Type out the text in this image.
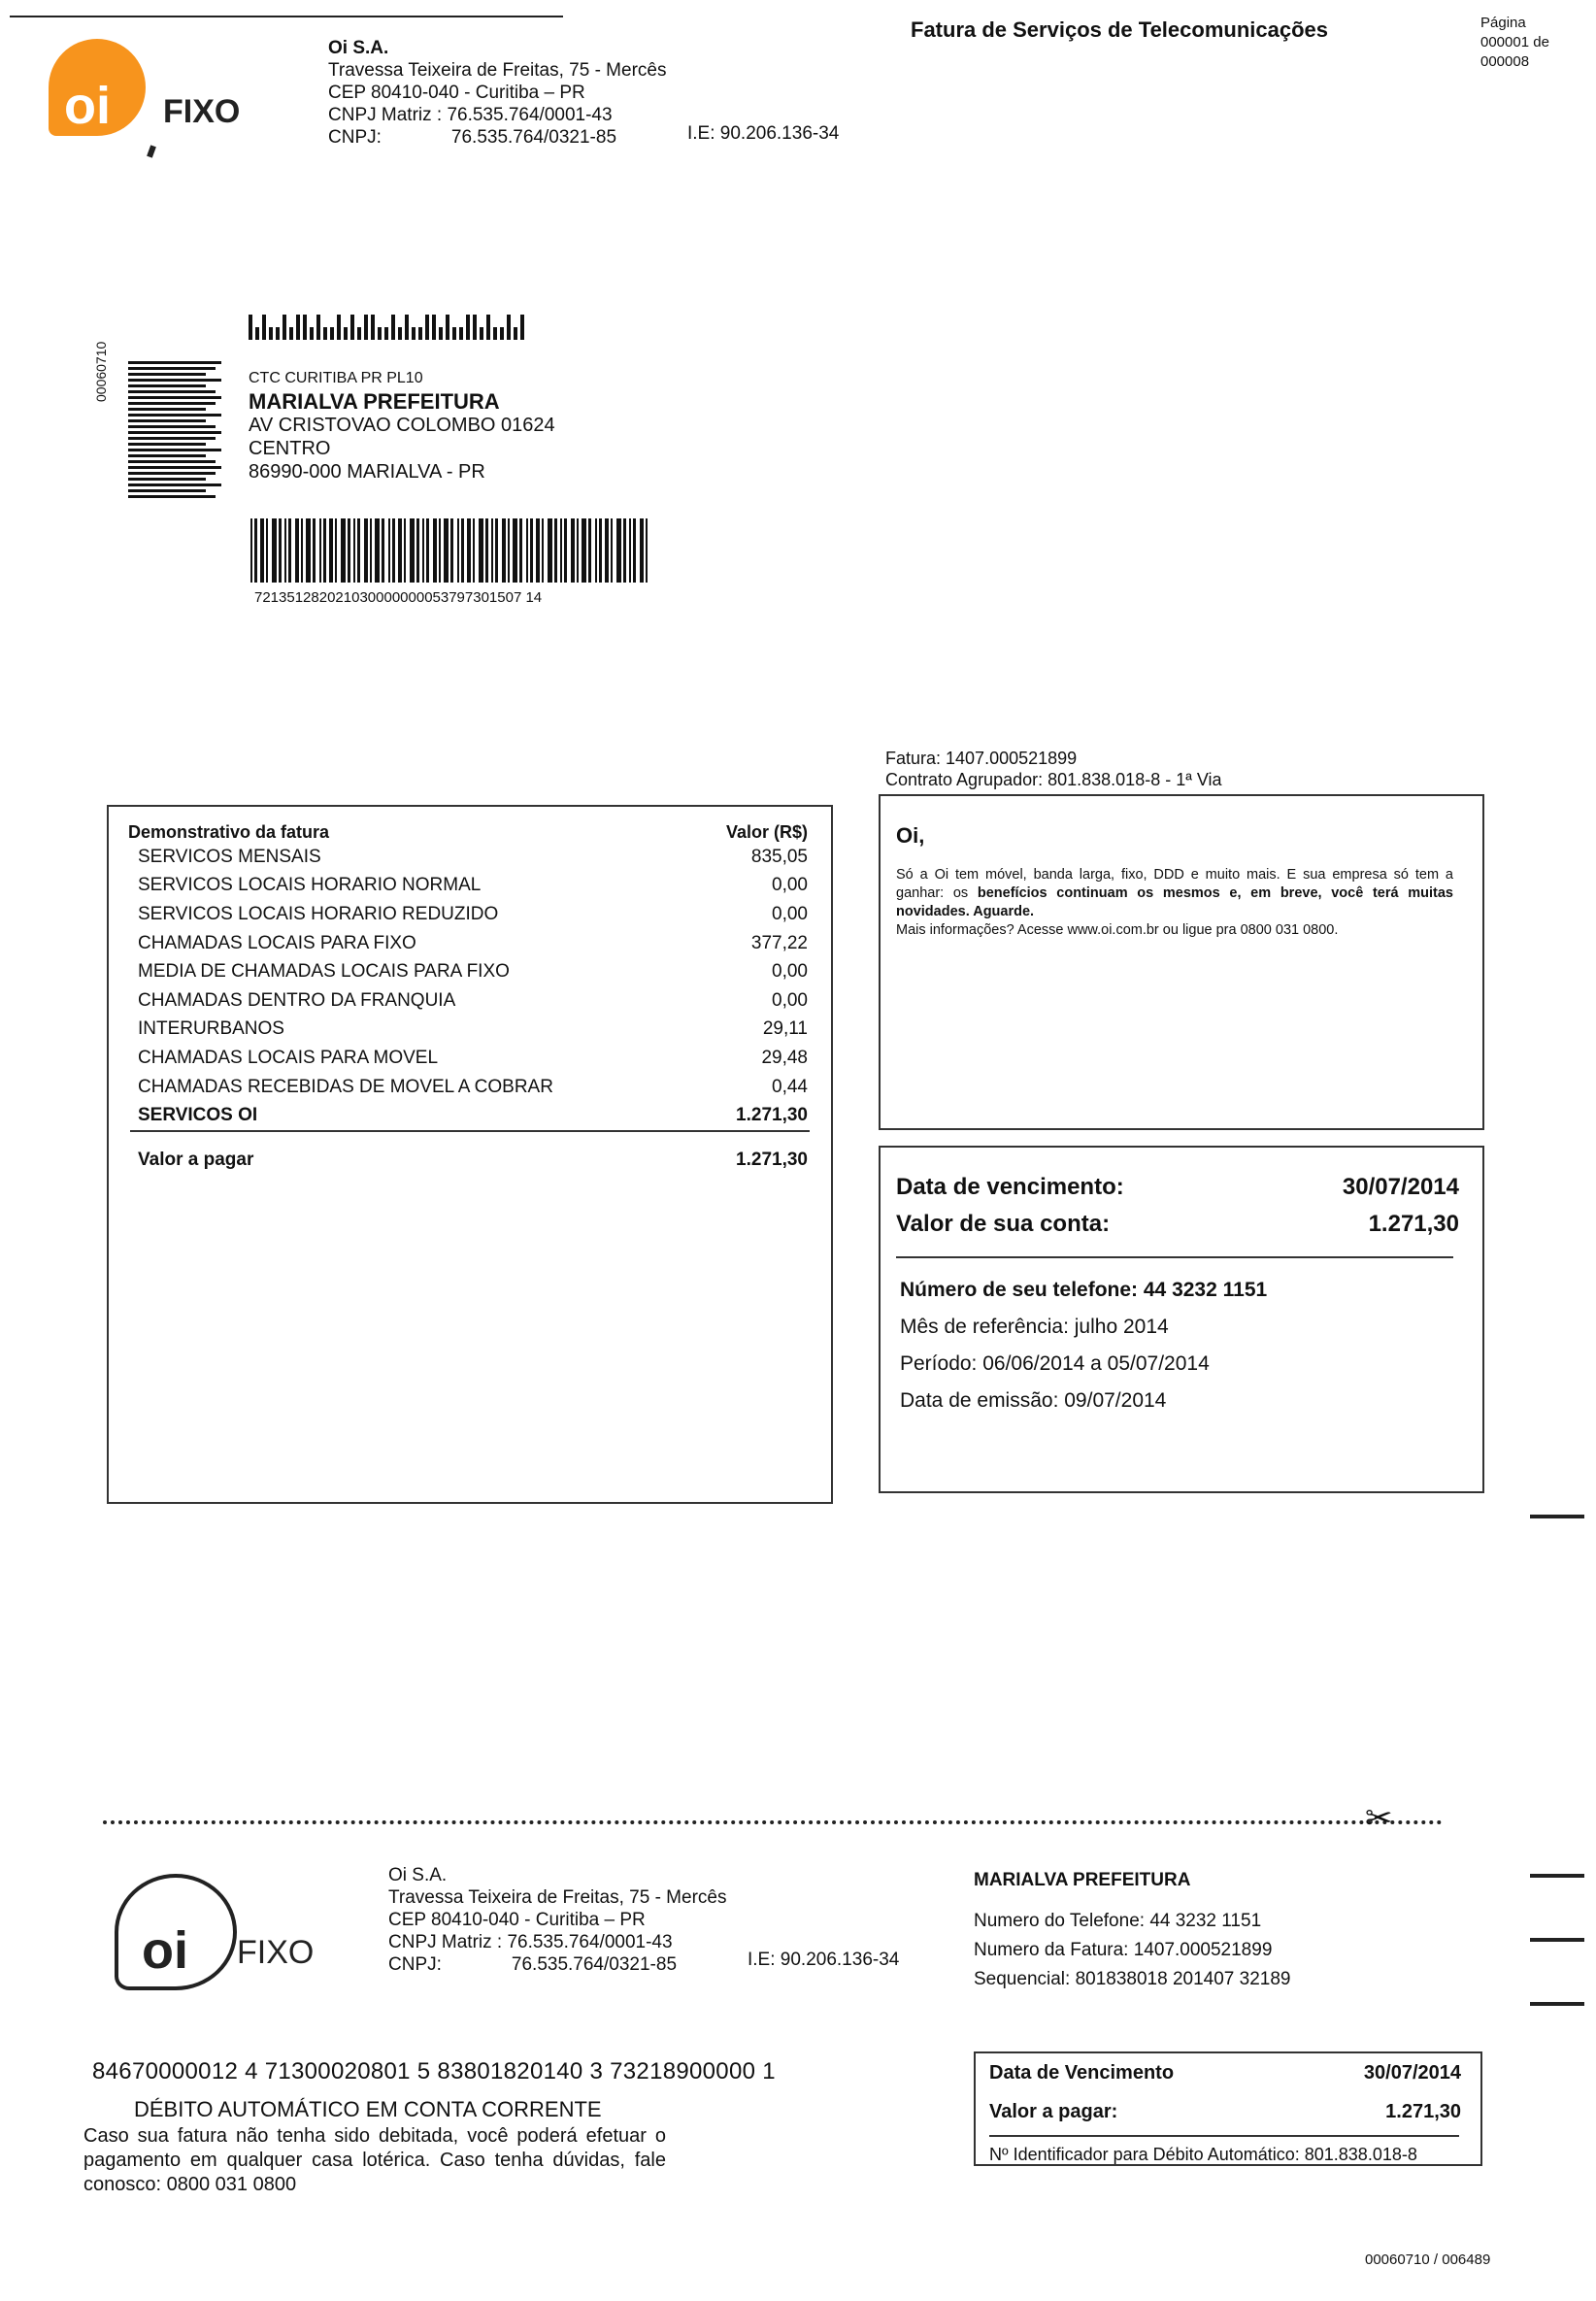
oi FIXO
Oi S.A.
Travessa Teixeira de Freitas, 75 - Mercês
CEP 80410-040 - Curitiba – PR
CNPJ Matriz : 76.535.764/0001-43
CNPJ:	76.535.764/0321-85	I.E: 90.206.136-34
Fatura de Serviços de Telecomunicações	Página
000001 de
000008
00060710	CTC CURITIBA PR PL10
MARIALVA PREFEITURA
AV CRISTOVAO COLOMBO 01624
CENTRO
86990-000 MARIALVA - PR
721351282021030000000053797301507 14
Fatura: 1407.000521899
Contrato Agrupador: 801.838.018-8 - 1ª Via
Demonstrativo da fatura	Valor (R$)
SERVICOS MENSAIS	835,05
SERVICOS LOCAIS HORARIO NORMAL	0,00
SERVICOS LOCAIS HORARIO REDUZIDO	0,00
CHAMADAS LOCAIS PARA FIXO	377,22
MEDIA DE CHAMADAS LOCAIS PARA FIXO	0,00
CHAMADAS DENTRO DA FRANQUIA	0,00
INTERURBANOS	29,11
CHAMADAS LOCAIS PARA MOVEL	29,48
CHAMADAS RECEBIDAS DE MOVEL A COBRAR	0,44
SERVICOS OI	1.271,30
Valor a pagar	1.271,30
Oi,
Só a Oi tem móvel, banda larga, fixo, DDD e muito mais. E sua empresa só tem a ganhar: os benefícios continuam os mesmos e, em breve, você terá muitas novidades. Aguarde.
Mais informações? Acesse www.oi.com.br ou ligue pra 0800 031 0800.
Data de vencimento:	30/07/2014
Valor de sua conta:	1.271,30
Número de seu telefone: 44 3232 1151
Mês de referência: julho 2014
Período: 06/06/2014 a 05/07/2014
Data de emissão: 09/07/2014
✂
oi FIXO
Oi S.A.
Travessa Teixeira de Freitas, 75 - Mercês
CEP 80410-040 - Curitiba – PR
CNPJ Matriz : 76.535.764/0001-43
CNPJ:	76.535.764/0321-85	I.E: 90.206.136-34
MARIALVA PREFEITURA
Numero do Telefone: 44 3232 1151
Numero da Fatura: 1407.000521899
Sequencial: 801838018 201407 32189
84670000012 4 71300020801 5 83801820140 3 73218900000 1
DÉBITO AUTOMÁTICO EM CONTA CORRENTE
Caso sua fatura não tenha sido debitada, você poderá efetuar o pagamento em qualquer casa lotérica. Caso tenha dúvidas, fale conosco: 0800 031 0800
Data de Vencimento	30/07/2014
Valor a pagar:	1.271,30
Nº Identificador para Débito Automático: 801.838.018-8
00060710 / 006489
